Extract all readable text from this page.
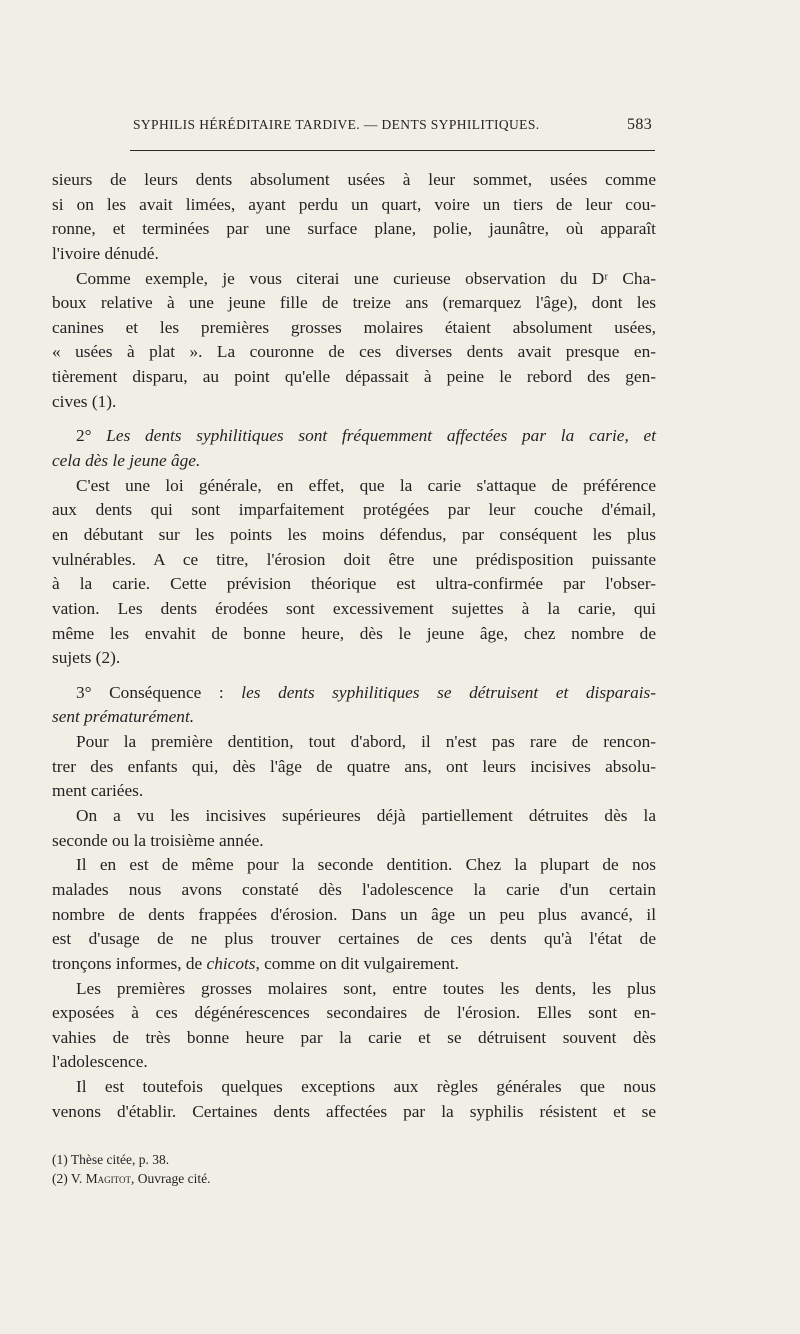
SYPHILIS HÉRÉDITAIRE TARDIVE. — DENTS SYPHILITIQUES.	583
sieurs de leurs dents absolument usées à leur sommet, usées comme
si on les avait limées, ayant perdu un quart, voire un tiers de leur cou-
ronne, et terminées par une surface plane, polie, jaunâtre, où apparaît
l'ivoire dénudé.
Comme exemple, je vous citerai une curieuse observation du Dʳ Cha-
boux relative à une jeune fille de treize ans (remarquez l'âge), dont les
canines et les premières grosses molaires étaient absolument usées,
« usées à plat ». La couronne de ces diverses dents avait presque en-
tièrement disparu, au point qu'elle dépassait à peine le rebord des gen-
cives (1).
2° Les dents syphilitiques sont fréquemment affectées par la carie, et
cela dès le jeune âge.
C'est une loi générale, en effet, que la carie s'attaque de préférence
aux dents qui sont imparfaitement protégées par leur couche d'émail,
en débutant sur les points les moins défendus, par conséquent les plus
vulnérables. A ce titre, l'érosion doit être une prédisposition puissante
à la carie. Cette prévision théorique est ultra-confirmée par l'obser-
vation. Les dents érodées sont excessivement sujettes à la carie, qui
même les envahit de bonne heure, dès le jeune âge, chez nombre de
sujets (2).
3° Conséquence : les dents syphilitiques se détruisent et disparais-
sent prématurément.
Pour la première dentition, tout d'abord, il n'est pas rare de rencon-
trer des enfants qui, dès l'âge de quatre ans, ont leurs incisives absolu-
ment cariées.
On a vu les incisives supérieures déjà partiellement détruites dès la
seconde ou la troisième année.
Il en est de même pour la seconde dentition. Chez la plupart de nos
malades nous avons constaté dès l'adolescence la carie d'un certain
nombre de dents frappées d'érosion. Dans un âge un peu plus avancé, il
est d'usage de ne plus trouver certaines de ces dents qu'à l'état de
tronçons informes, de chicots, comme on dit vulgairement.
Les premières grosses molaires sont, entre toutes les dents, les plus
exposées à ces dégénérescences secondaires de l'érosion. Elles sont en-
vahies de très bonne heure par la carie et se détruisent souvent dès
l'adolescence.
Il est toutefois quelques exceptions aux règles générales que nous
venons d'établir. Certaines dents affectées par la syphilis résistent et se
(1) Thèse citée, p. 38.
(2) V. Magitot, Ouvrage cité.
